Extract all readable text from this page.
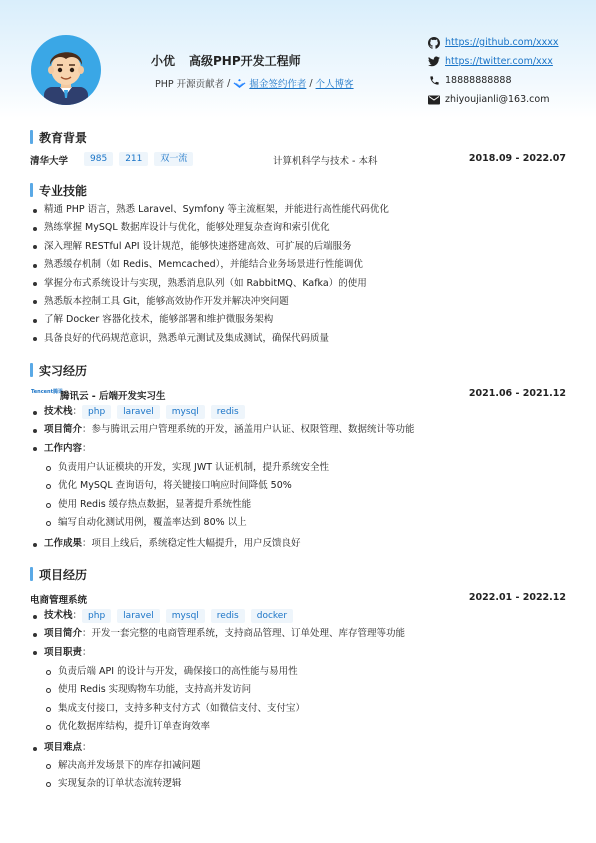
小优 高级PHP开发工程师
PHP 开源贡献者 / 掘金签约作者 / 个人博客
https://github.com/xxxx
https://twitter.com/xxx
18888888888
zhiyoujianli@163.com
教育背景
清华大学	985 211 双一流	计算机科学与技术 - 本科	2018.09 - 2022.07
专业技能
精通 PHP 语言，熟悉 Laravel、Symfony 等主流框架，并能进行高性能代码优化
熟练掌握 MySQL 数据库设计与优化，能够处理复杂查询和索引优化
深入理解 RESTful API 设计规范，能够快速搭建高效、可扩展的后端服务
熟悉缓存机制（如 Redis、Memcached），并能结合业务场景进行性能调优
掌握分布式系统设计与实现，熟悉消息队列（如 RabbitMQ、Kafka）的使用
熟悉版本控制工具 Git，能够高效协作开发并解决冲突问题
了解 Docker 容器化技术，能够部署和维护微服务架构
具备良好的代码规范意识，熟悉单元测试及集成测试，确保代码质量
实习经历
Tencent腾讯
腾讯云 - 后端开发实习生	2021.06 - 2021.12
技术栈： php	laravel	mysql	redis
项目简介：参与腾讯云用户管理系统的开发，涵盖用户认证、权限管理、数据统计等功能
工作内容：
负责用户认证模块的开发，实现 JWT 认证机制，提升系统安全性
优化 MySQL 查询语句，将关键接口响应时间降低 50%
使用 Redis 缓存热点数据，显著提升系统性能
编写自动化测试用例，覆盖率达到 80% 以上
工作成果：项目上线后，系统稳定性大幅提升，用户反馈良好
项目经历
电商管理系统	2022.01 - 2022.12
技术栈： php	laravel	mysql	redis	docker
项目简介：开发一套完整的电商管理系统，支持商品管理、订单处理、库存管理等功能
项目职责：
负责后端 API 的设计与开发，确保接口的高性能与易用性
使用 Redis 实现购物车功能，支持高并发访问
集成支付接口，支持多种支付方式（如微信支付、支付宝）
优化数据库结构，提升订单查询效率
项目难点：
解决高并发场景下的库存扣减问题
实现复杂的订单状态流转逻辑
